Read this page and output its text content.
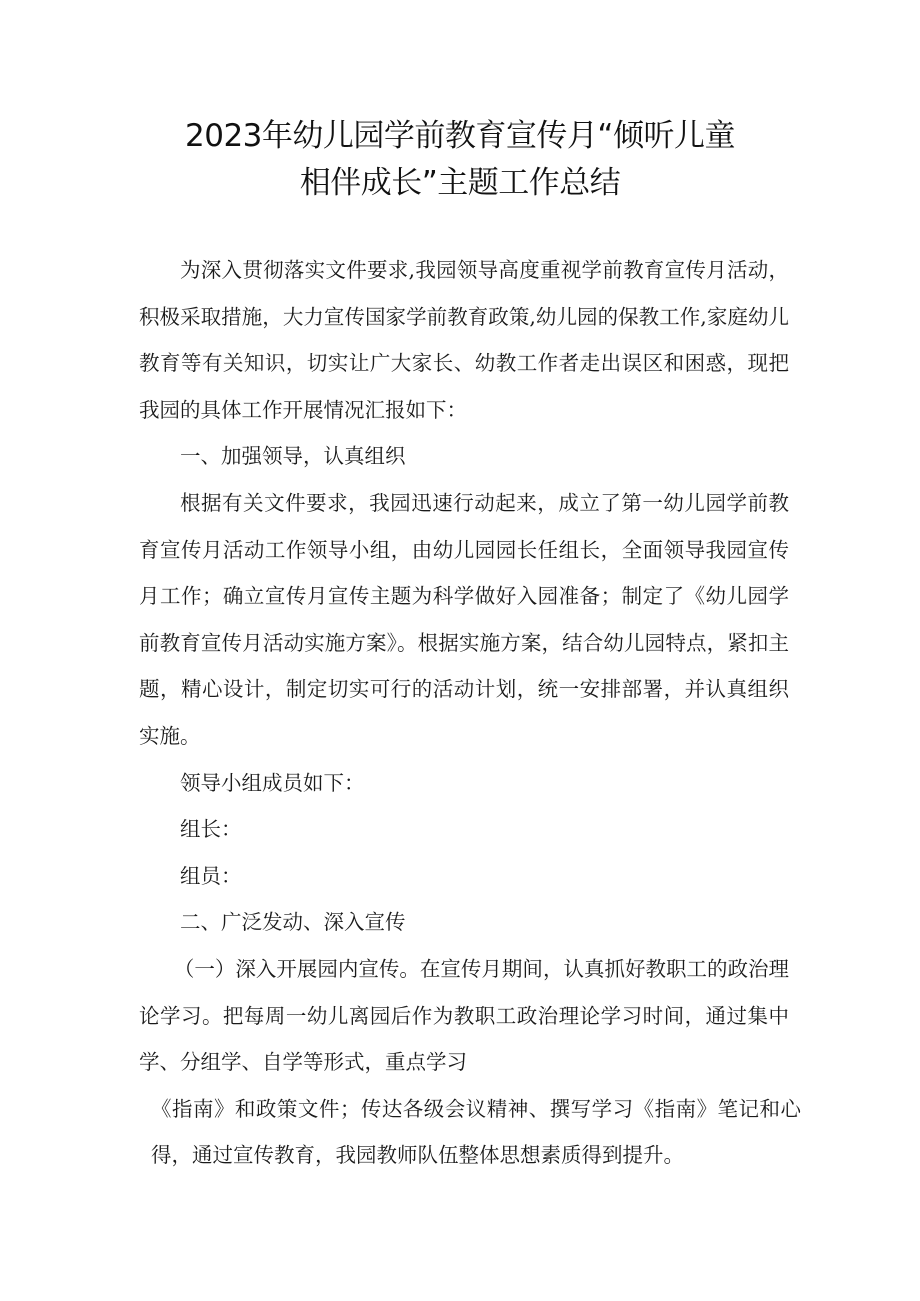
2023年幼儿园学前教育宣传月“倾听儿童
相伴成长”主题工作总结

为深入贯彻落实文件要求,我园领导高度重视学前教育宣传月活动，积极采取措施，大力宣传国家学前教育政策,幼儿园的保教工作,家庭幼儿教育等有关知识，切实让广大家长、幼教工作者走出误区和困惑，现把我园的具体工作开展情况汇报如下：

一、加强领导，认真组织

根据有关文件要求，我园迅速行动起来，成立了第一幼儿园学前教育宣传月活动工作领导小组，由幼儿园园长任组长，全面领导我园宣传月工作；确立宣传月宣传主题为科学做好入园准备；制定了《幼儿园学前教育宣传月活动实施方案》。根据实施方案，结合幼儿园特点，紧扣主题，精心设计，制定切实可行的活动计划，统一安排部署，并认真组织实施。

领导小组成员如下：

组长：

组员：

二、广泛发动、深入宣传

（一）深入开展园内宣传。在宣传月期间，认真抓好教职工的政治理论学习。把每周一幼儿离园后作为教职工政治理论学习时间，通过集中学、分组学、自学等形式，重点学习

《指南》和政策文件；传达各级会议精神、撰写学习《指南》笔记和心得，通过宣传教育，我园教师队伍整体思想素质得到提升。
